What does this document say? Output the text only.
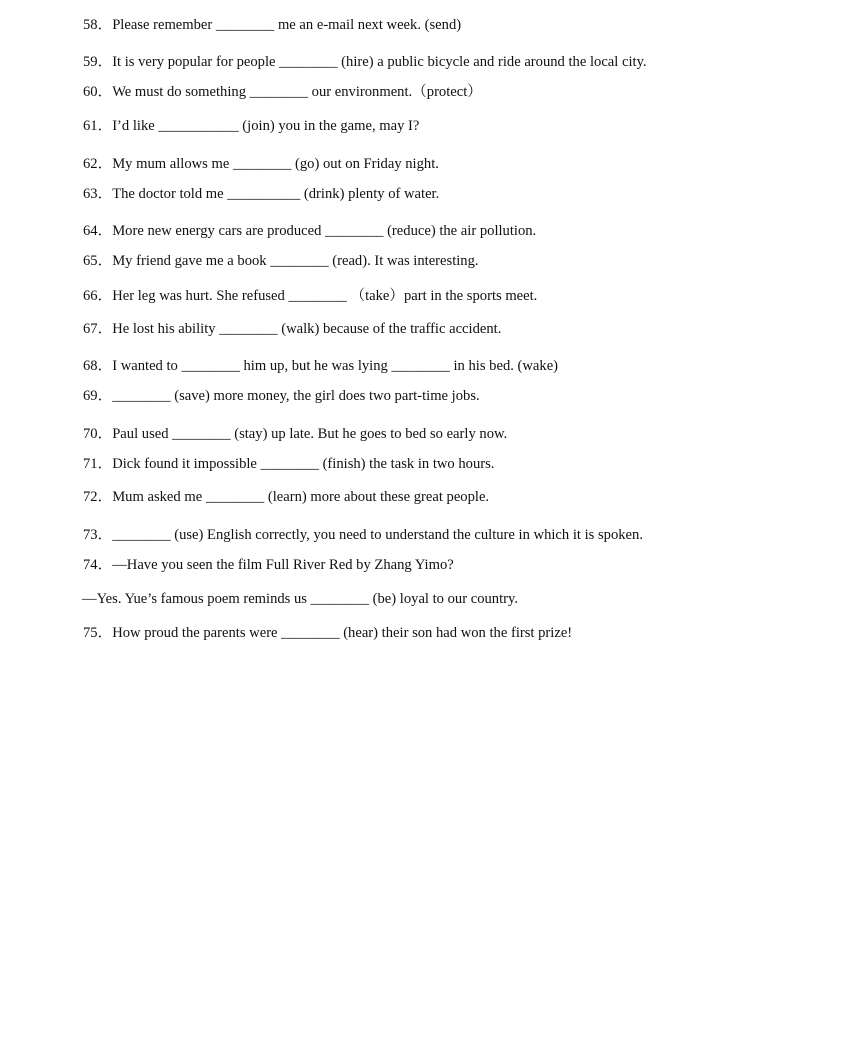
58．Please remember ________ me an e-mail next week. (send)
59．It is very popular for people ________ (hire) a public bicycle and ride around the local city.
60．We must do something ________ our environment.（protect）
61．I’d like ___________ (join) you in the game, may I?
62．My mum allows me ________ (go) out on Friday night.
63．The doctor told me __________ (drink) plenty of water.
64．More new energy cars are produced ________ (reduce) the air pollution.
65．My friend gave me a book ________ (read). It was interesting.
66．Her leg was hurt. She refused ________ （take）part in the sports meet.
67．He lost his ability ________ (walk) because of the traffic accident.
68．I wanted to ________ him up, but he was lying ________ in his bed. (wake)
69．________ (save) more money, the girl does two part-time jobs.
70．Paul used ________ (stay) up late. But he goes to bed so early now.
71．Dick found it impossible ________ (finish) the task in two hours.
72．Mum asked me ________ (learn) more about these great people.
73．________ (use) English correctly, you need to understand the culture in which it is spoken.
74．—Have you seen the film Full River Red by Zhang Yimo?
—Yes. Yue’s famous poem reminds us ________ (be) loyal to our country.
75．How proud the parents were ________ (hear) their son had won the first prize!
